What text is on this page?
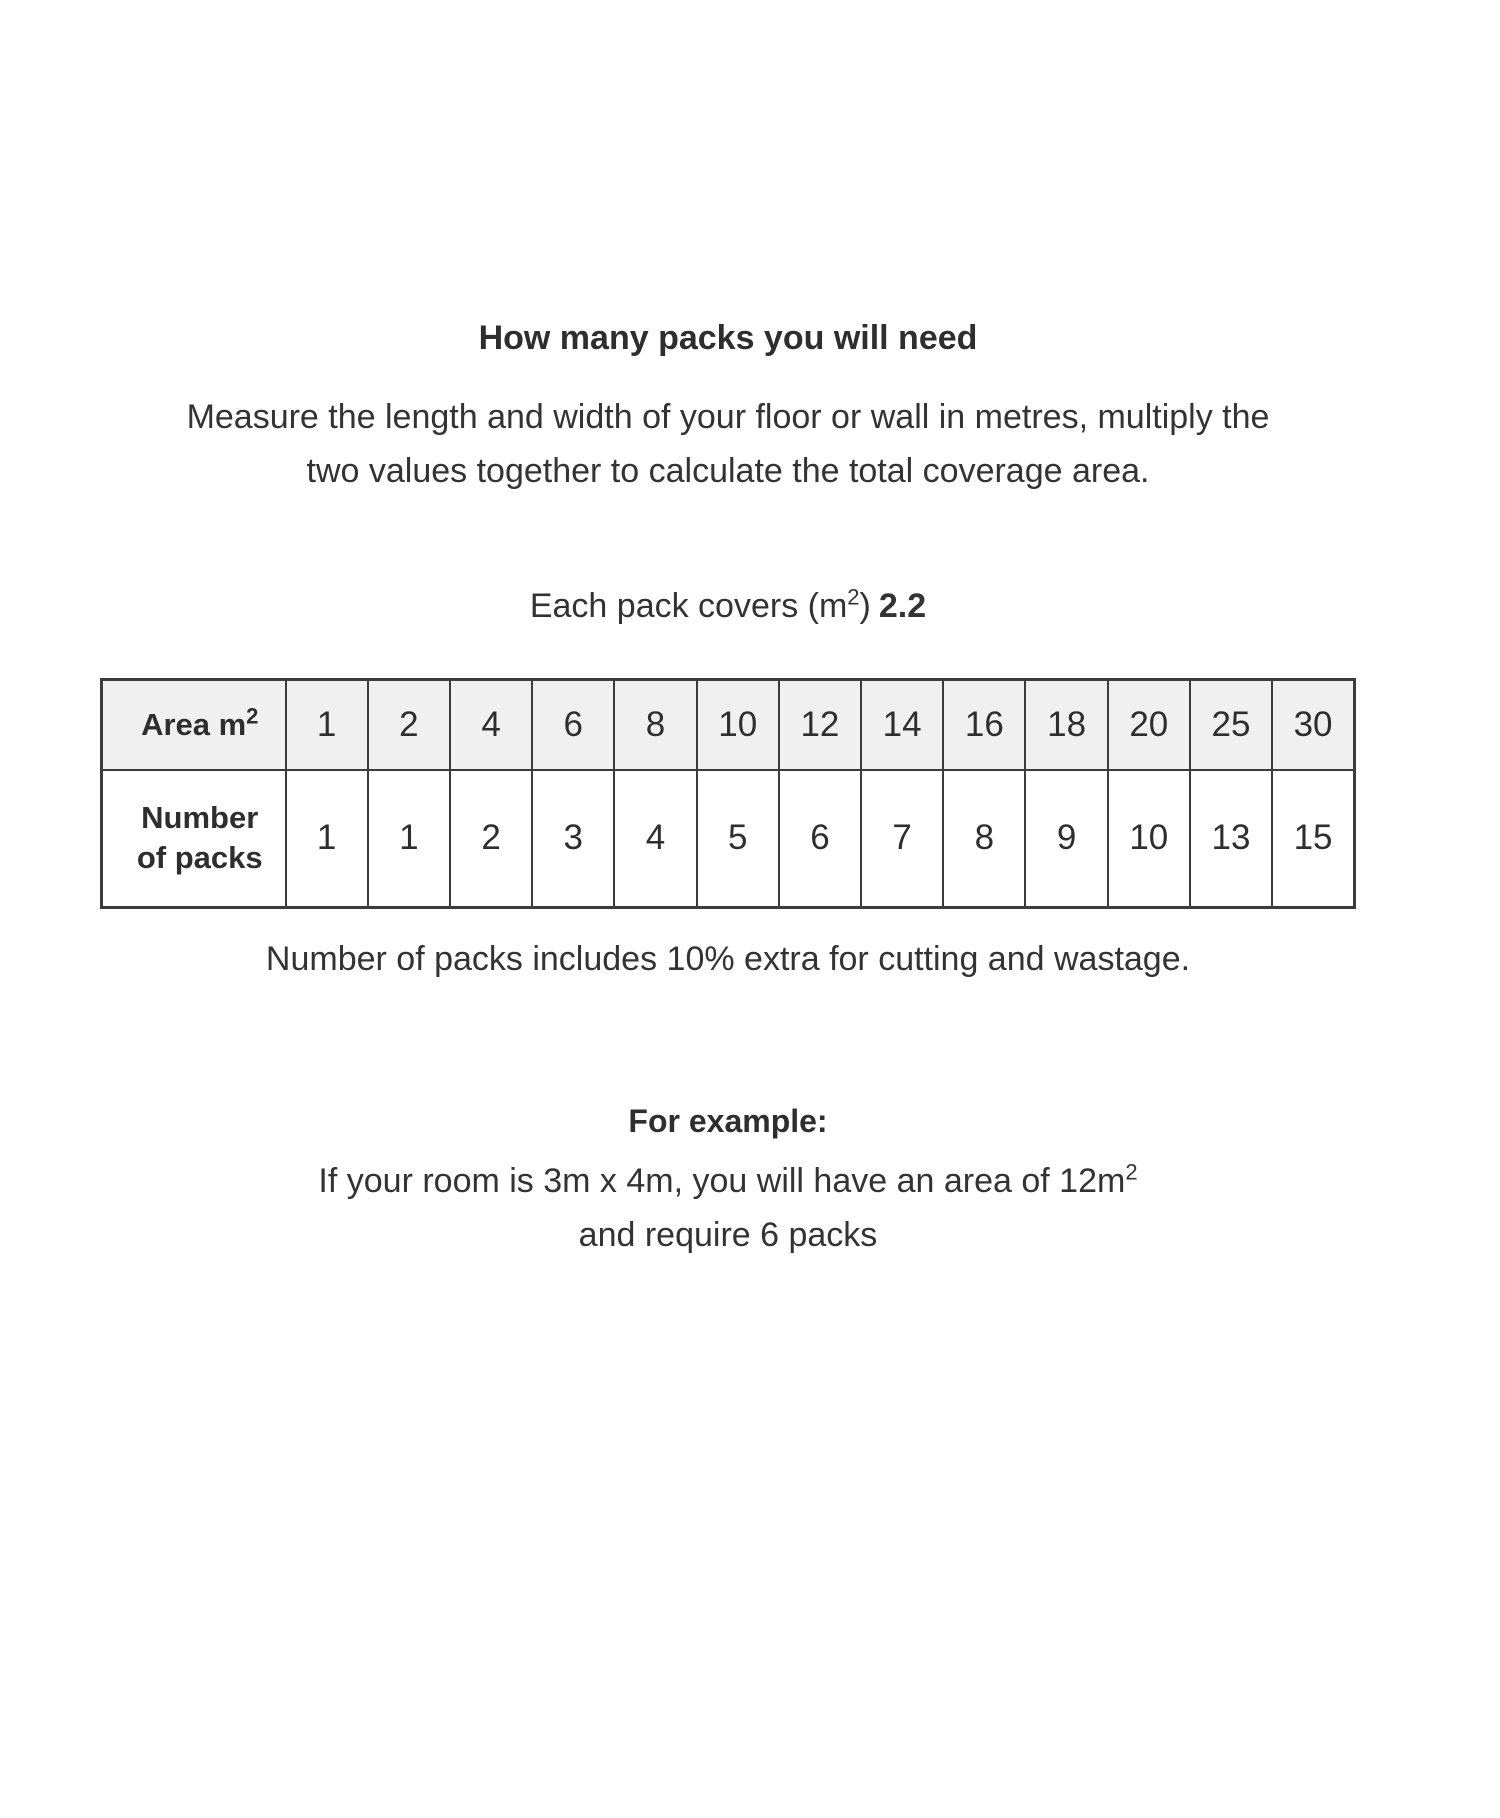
How many packs you will need

Measure the length and width of your floor or wall in metres, multiply the
two values together to calculate the total coverage area.

Each pack covers $(m^2)$ 2.2

Area $m^2$	1	2	4	6	8	10	12	14	16	18	20	25	30
Number
of packs	1	1	2	3	4	5	6	7	8	9	10	13	15

Number of packs includes 10% extra for cutting and wastage.

For example:

If your room is 3m x 4m, you will have an area of $12m^2$

and require 6 packs
